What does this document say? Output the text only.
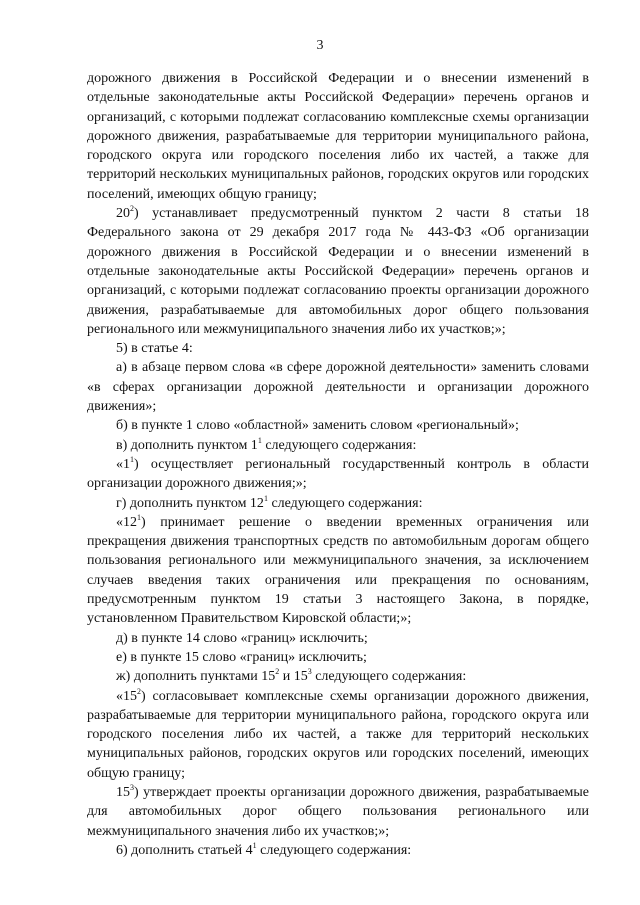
3

дорожного движения в Российской Федерации и о внесении изменений в отдельные законодательные акты Российской Федерации» перечень органов и организаций, с которыми подлежат согласованию комплексные схемы организации дорожного движения, разрабатываемые для территории муниципального района, городского округа или городского поселения либо их частей, а также для территорий нескольких муниципальных районов, городских округов или городских поселений, имеющих общую границу;

$20^2$) устанавливает предусмотренный пунктом 2 части 8 статьи 18 Федерального закона от 29 декабря 2017 года № 443-ФЗ «Об организации дорожного движения в Российской Федерации и о внесении изменений в отдельные законодательные акты Российской Федерации» перечень органов и организаций, с которыми подлежат согласованию проекты организации дорожного движения, разрабатываемые для автомобильных дорог общего пользования регионального или межмуниципального значения либо их участков;»;

5) в статье 4:

а) в абзаце первом слова «в сфере дорожной деятельности» заменить словами «в сферах организации дорожной деятельности и организации дорожного движения»;

б) в пункте 1 слово «областной» заменить словом «региональный»;

в) дополнить пунктом $1^1$ следующего содержания:

«$1^1$) осуществляет региональный государственный контроль в области организации дорожного движения;»;

г) дополнить пунктом $12^1$ следующего содержания:

«$12^1$) принимает решение о введении временных ограничения или прекращения движения транспортных средств по автомобильным дорогам общего пользования регионального или межмуниципального значения, за исключением случаев введения таких ограничения или прекращения по основаниям, предусмотренным пунктом 19 статьи 3 настоящего Закона, в порядке, установленном Правительством Кировской области;»;

д) в пункте 14 слово «границ» исключить;

е) в пункте 15 слово «границ» исключить;

ж) дополнить пунктами $15^2$ и $15^3$ следующего содержания:

«$15^2$) согласовывает комплексные схемы организации дорожного движения, разрабатываемые для территории муниципального района, городского округа или городского поселения либо их частей, а также для территорий нескольких муниципальных районов, городских округов или городских поселений, имеющих общую границу;

$15^3$) утверждает проекты организации дорожного движения, разрабатываемые для автомобильных дорог общего пользования регионального или межмуниципального значения либо их участков;»;

6) дополнить статьей $4^1$ следующего содержания:
